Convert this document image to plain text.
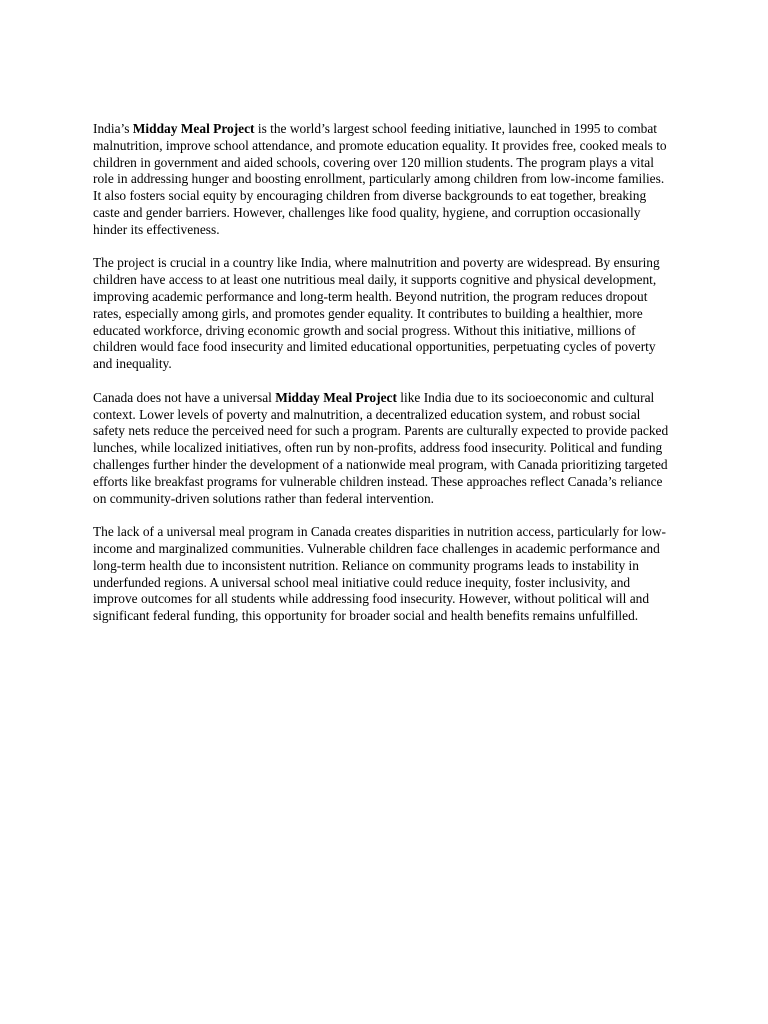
India’s Midday Meal Project is the world’s largest school feeding initiative, launched in 1995 to combat malnutrition, improve school attendance, and promote education equality. It provides free, cooked meals to children in government and aided schools, covering over 120 million students. The program plays a vital role in addressing hunger and boosting enrollment, particularly among children from low-income families. It also fosters social equity by encouraging children from diverse backgrounds to eat together, breaking caste and gender barriers. However, challenges like food quality, hygiene, and corruption occasionally hinder its effectiveness.

The project is crucial in a country like India, where malnutrition and poverty are widespread. By ensuring children have access to at least one nutritious meal daily, it supports cognitive and physical development, improving academic performance and long-term health. Beyond nutrition, the program reduces dropout rates, especially among girls, and promotes gender equality. It contributes to building a healthier, more educated workforce, driving economic growth and social progress. Without this initiative, millions of children would face food insecurity and limited educational opportunities, perpetuating cycles of poverty and inequality.

Canada does not have a universal Midday Meal Project like India due to its socioeconomic and cultural context. Lower levels of poverty and malnutrition, a decentralized education system, and robust social safety nets reduce the perceived need for such a program. Parents are culturally expected to provide packed lunches, while localized initiatives, often run by non-profits, address food insecurity. Political and funding challenges further hinder the development of a nationwide meal program, with Canada prioritizing targeted efforts like breakfast programs for vulnerable children instead. These approaches reflect Canada’s reliance on community-driven solutions rather than federal intervention.

The lack of a universal meal program in Canada creates disparities in nutrition access, particularly for low-income and marginalized communities. Vulnerable children face challenges in academic performance and long-term health due to inconsistent nutrition. Reliance on community programs leads to instability in underfunded regions. A universal school meal initiative could reduce inequity, foster inclusivity, and improve outcomes for all students while addressing food insecurity. However, without political will and significant federal funding, this opportunity for broader social and health benefits remains unfulfilled.
